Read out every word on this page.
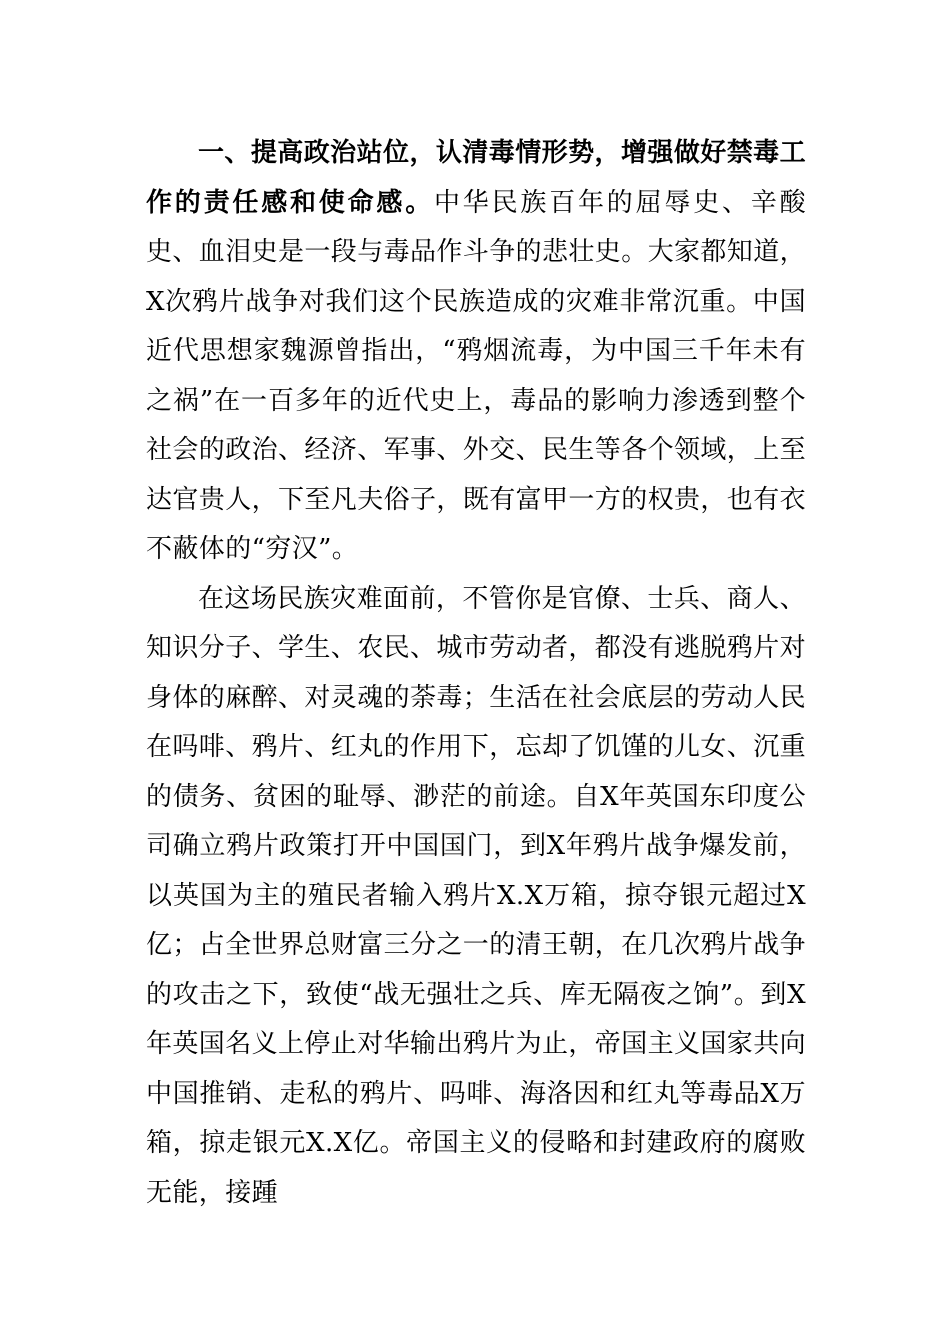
一、提高政治站位，认清毒情形势，增强做好禁毒工作的责任感和使命感。中华民族百年的屈辱史、辛酸史、血泪史是一段与毒品作斗争的悲壮史。大家都知道，X次鸦片战争对我们这个民族造成的灾难非常沉重。中国近代思想家魏源曾指出，“鸦烟流毒，为中国三千年未有之祸”在一百多年的近代史上，毒品的影响力渗透到整个社会的政治、经济、军事、外交、民生等各个领域，上至达官贵人，下至凡夫俗子，既有富甲一方的权贵，也有衣不蔽体的“穷汉”。

在这场民族灾难面前，不管你是官僚、士兵、商人、知识分子、学生、农民、城市劳动者，都没有逃脱鸦片对身体的麻醉、对灵魂的荼毒；生活在社会底层的劳动人民在吗啡、鸦片、红丸的作用下，忘却了饥馑的儿女、沉重的债务、贫困的耻辱、渺茫的前途。自X年英国东印度公司确立鸦片政策打开中国国门，到X年鸦片战争爆发前，以英国为主的殖民者输入鸦片X.X万箱，掠夺银元超过X亿；占全世界总财富三分之一的清王朝，在几次鸦片战争的攻击之下，致使“战无强壮之兵、库无隔夜之饷”。到X年英国名义上停止对华输出鸦片为止，帝国主义国家共向中国推销、走私的鸦片、吗啡、海洛因和红丸等毒品X万箱，掠走银元X.X亿。帝国主义的侵略和封建政府的腐败无能，接踵
